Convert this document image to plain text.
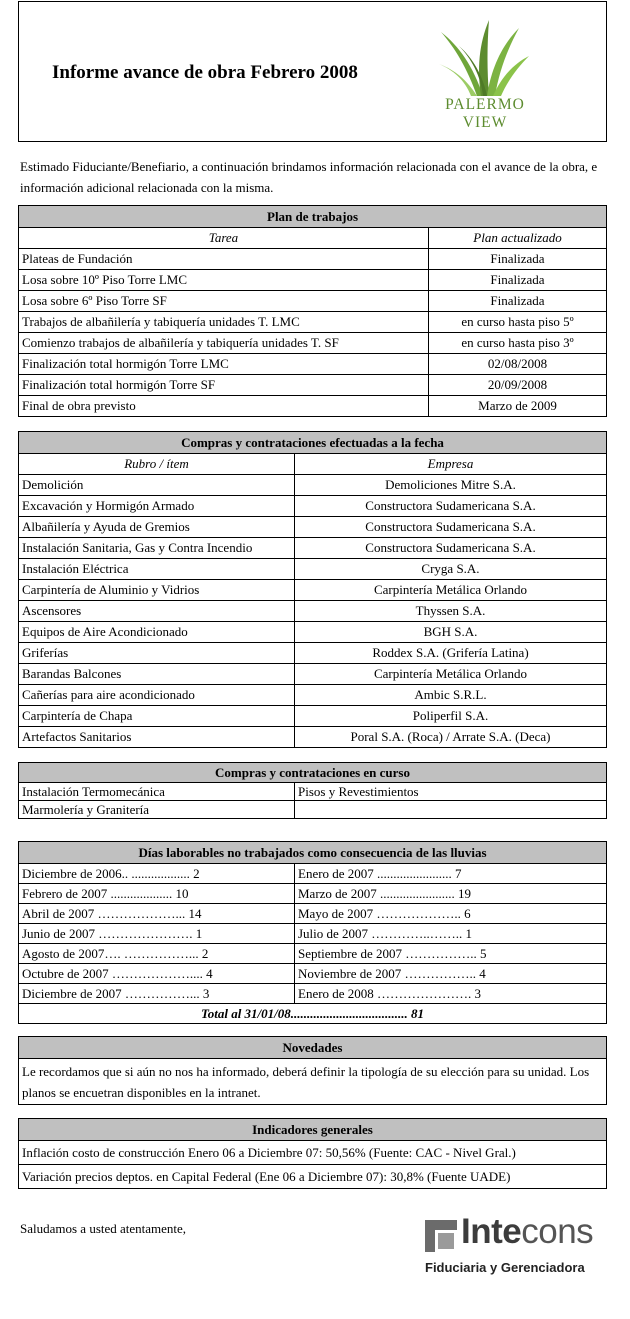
Informe avance de obra Febrero 2008
PALERMO
VIEW
Estimado Fiduciante/Benefiario, a continuación brindamos información relacionada con el avance de la obra, e información adicional relacionada con la misma.
Plan de trabajos	
Tarea	Plan actualizado
Plateas de Fundación	Finalizada
Losa sobre 10º Piso Torre LMC	Finalizada
Losa sobre 6º Piso Torre SF	Finalizada
Trabajos de albañilería y tabiquería unidades T. LMC	en curso hasta piso 5º
Comienzo trabajos de albañilería y tabiquería unidades T. SF	en curso hasta piso 3º
Finalización total hormigón Torre LMC	02/08/2008
Finalización total hormigón Torre SF	20/09/2008
Final de obra previsto	Marzo de 2009
Compras y contrataciones efectuadas a la fecha	
Rubro / ítem	Empresa
Demolición	Demoliciones Mitre S.A.
Excavación y Hormigón Armado	Constructora Sudamericana S.A.
Albañilería y Ayuda de Gremios	Constructora Sudamericana S.A.
Instalación Sanitaria, Gas y Contra Incendio	Constructora Sudamericana S.A.
Instalación Eléctrica	Cryga S.A.
Carpintería de Aluminio y Vidrios	Carpintería Metálica Orlando
Ascensores	Thyssen S.A.
Equipos de Aire Acondicionado	BGH S.A.
Griferías	Roddex S.A. (Grifería Latina)
Barandas Balcones	Carpintería Metálica Orlando
Cañerías para aire acondicionado	Ambic S.R.L.
Carpintería de Chapa	Poliperfil S.A.
Artefactos Sanitarios	Poral S.A. (Roca) / Arrate S.A. (Deca)
Compras y contrataciones en curso	
Instalación Termomecánica	Pisos y Revestimientos
Marmolería y Granitería	
Días laborables no trabajados como consecuencia de las lluvias	
Diciembre de 2006.. .................. 2	Enero de 2007 ....................... 7
Febrero de 2007 ................... 10	Marzo de 2007 ....................... 19
Abril de 2007 ………………... 14	Mayo de 2007 ……………….. 6
Junio de 2007 …………………. 1	Julio de 2007 …………..…….. 1
Agosto de 2007…. ……………... 2	Septiembre de 2007 …………….. 5
Octubre de 2007 ……………….... 4	Noviembre de 2007 …………….. 4
Diciembre de 2007 ……………... 3	Enero de 2008 …………………. 3
Total al 31/01/08.................................... 81	
Novedades
Le recordamos que si aún no nos ha informado, deberá definir la tipología de su elección para su unidad. Los planos se encuetran disponibles en la intranet.
Indicadores generales
Inflación costo de construcción Enero 06 a Diciembre 07: 50,56% (Fuente: CAC - Nivel Gral.)
Variación precios deptos. en Capital Federal (Ene 06 a Diciembre 07): 30,8% (Fuente UADE)
Saludamos a usted atentamente,	Intecons
Fiduciaria y Gerenciadora
